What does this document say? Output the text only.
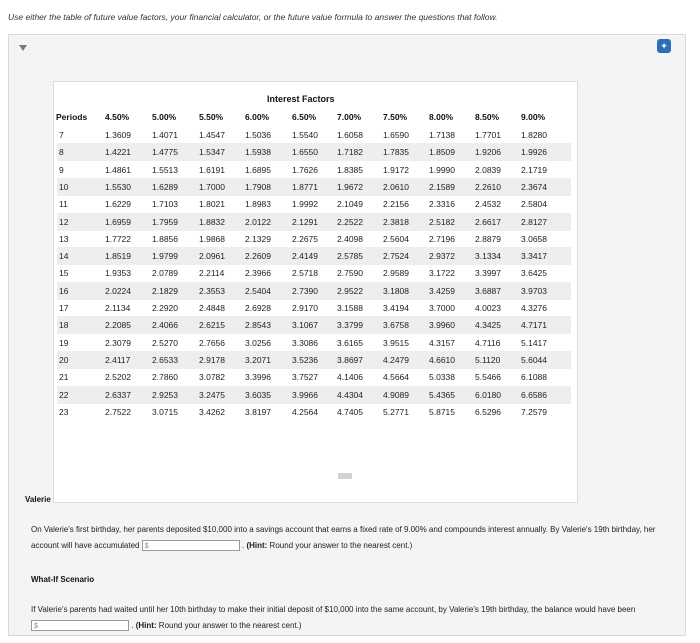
Use either the table of future value factors, your financial calculator, or the future value formula to answer the questions that follow.
✦
Interest Factors
Periods 4.50%	5.00%	5.50%	6.00%	6.50% 7.00%	7.50%	8.00%	8.50%	9.00%
7	1.3609 1.4071 1.4547 1.5036 1.5540 1.6058 1.6590 1.7138 1.7701 1.8280
8	1.4221 1.4775 1.5347 1.5938 1.6550 1.7182 1.7835 1.8509 1.9206 1.9926
9	1.4861 1.5513 1.6191 1.6895 1.7626 1.8385 1.9172 1.9990 2.0839 2.1719
10	1.5530 1.6289 1.7000 1.7908 1.8771 1.9672 2.0610 2.1589 2.2610 2.3674
11	1.6229 1.7103 1.8021 1.8983 1.9992 2.1049 2.2156 2.3316 2.4532 2.5804
12	1.6959 1.7959 1.8832 2.0122 2.1291 2.2522 2.3818 2.5182 2.6617 2.8127
13	1.7722 1.8856 1.9868 2.1329 2.2675 2.4098 2.5604 2.7196 2.8879 3.0658
14	1.8519 1.9799 2.0961 2.2609 2.4149 2.5785 2.7524 2.9372 3.1334 3.3417
15	1.9353 2.0789 2.2114 2.3966 2.5718 2.7590 2.9589 3.1722 3.3997 3.6425
16	2.0224 2.1829 2.3553 2.5404 2.7390 2.9522 3.1808 3.4259 3.6887 3.9703
17	2.1134	2.2920 2.4848 2.6928 2.9170 3.1588 3.4194 3.7000 4.0023 4.3276
18	2.2085 2.4066 2.6215 2.8543 3.1067 3.3799 3.6758 3.9960 4.3425 4.7171
19	2.3079 2.5270 2.7656 3.0256 3.3086 3.6165 3.9515 4.3157 4.7116 5.1417
20	2.4117	2.6533 2.9178 3.2071 3.5236 3.8697 4.2479 4.6610 5.1120 5.6044
21	2.5202 2.7860 3.0782 3.3996 3.7527 4.1406 4.5664 5.0338 5.5466 6.1088
22	2.6337 2.9253 3.2475 3.6035 3.9966 4.4304 4.9089 5.4365 6.0180 6.6586
23	2.7522 3.0715 3.4262 3.8197 4.2564 4.7405 5.2771 5.8715 6.5296 7.2579
Valerie
On Valerie's first birthday, her parents deposited $10,000 into a savings account that earns a fixed rate of 9.00% and compounds interest annually. By Valerie's 19th birthday, her account will have accumulated $	. (Hint: Round your answer to the nearest cent.)
What-If Scenario
If Valerie's parents had waited until her 10th birthday to make their initial deposit of $10,000 into the same account, by Valerie's 19th birthday, the balance would have been $	. (Hint: Round your answer to the nearest cent.)
